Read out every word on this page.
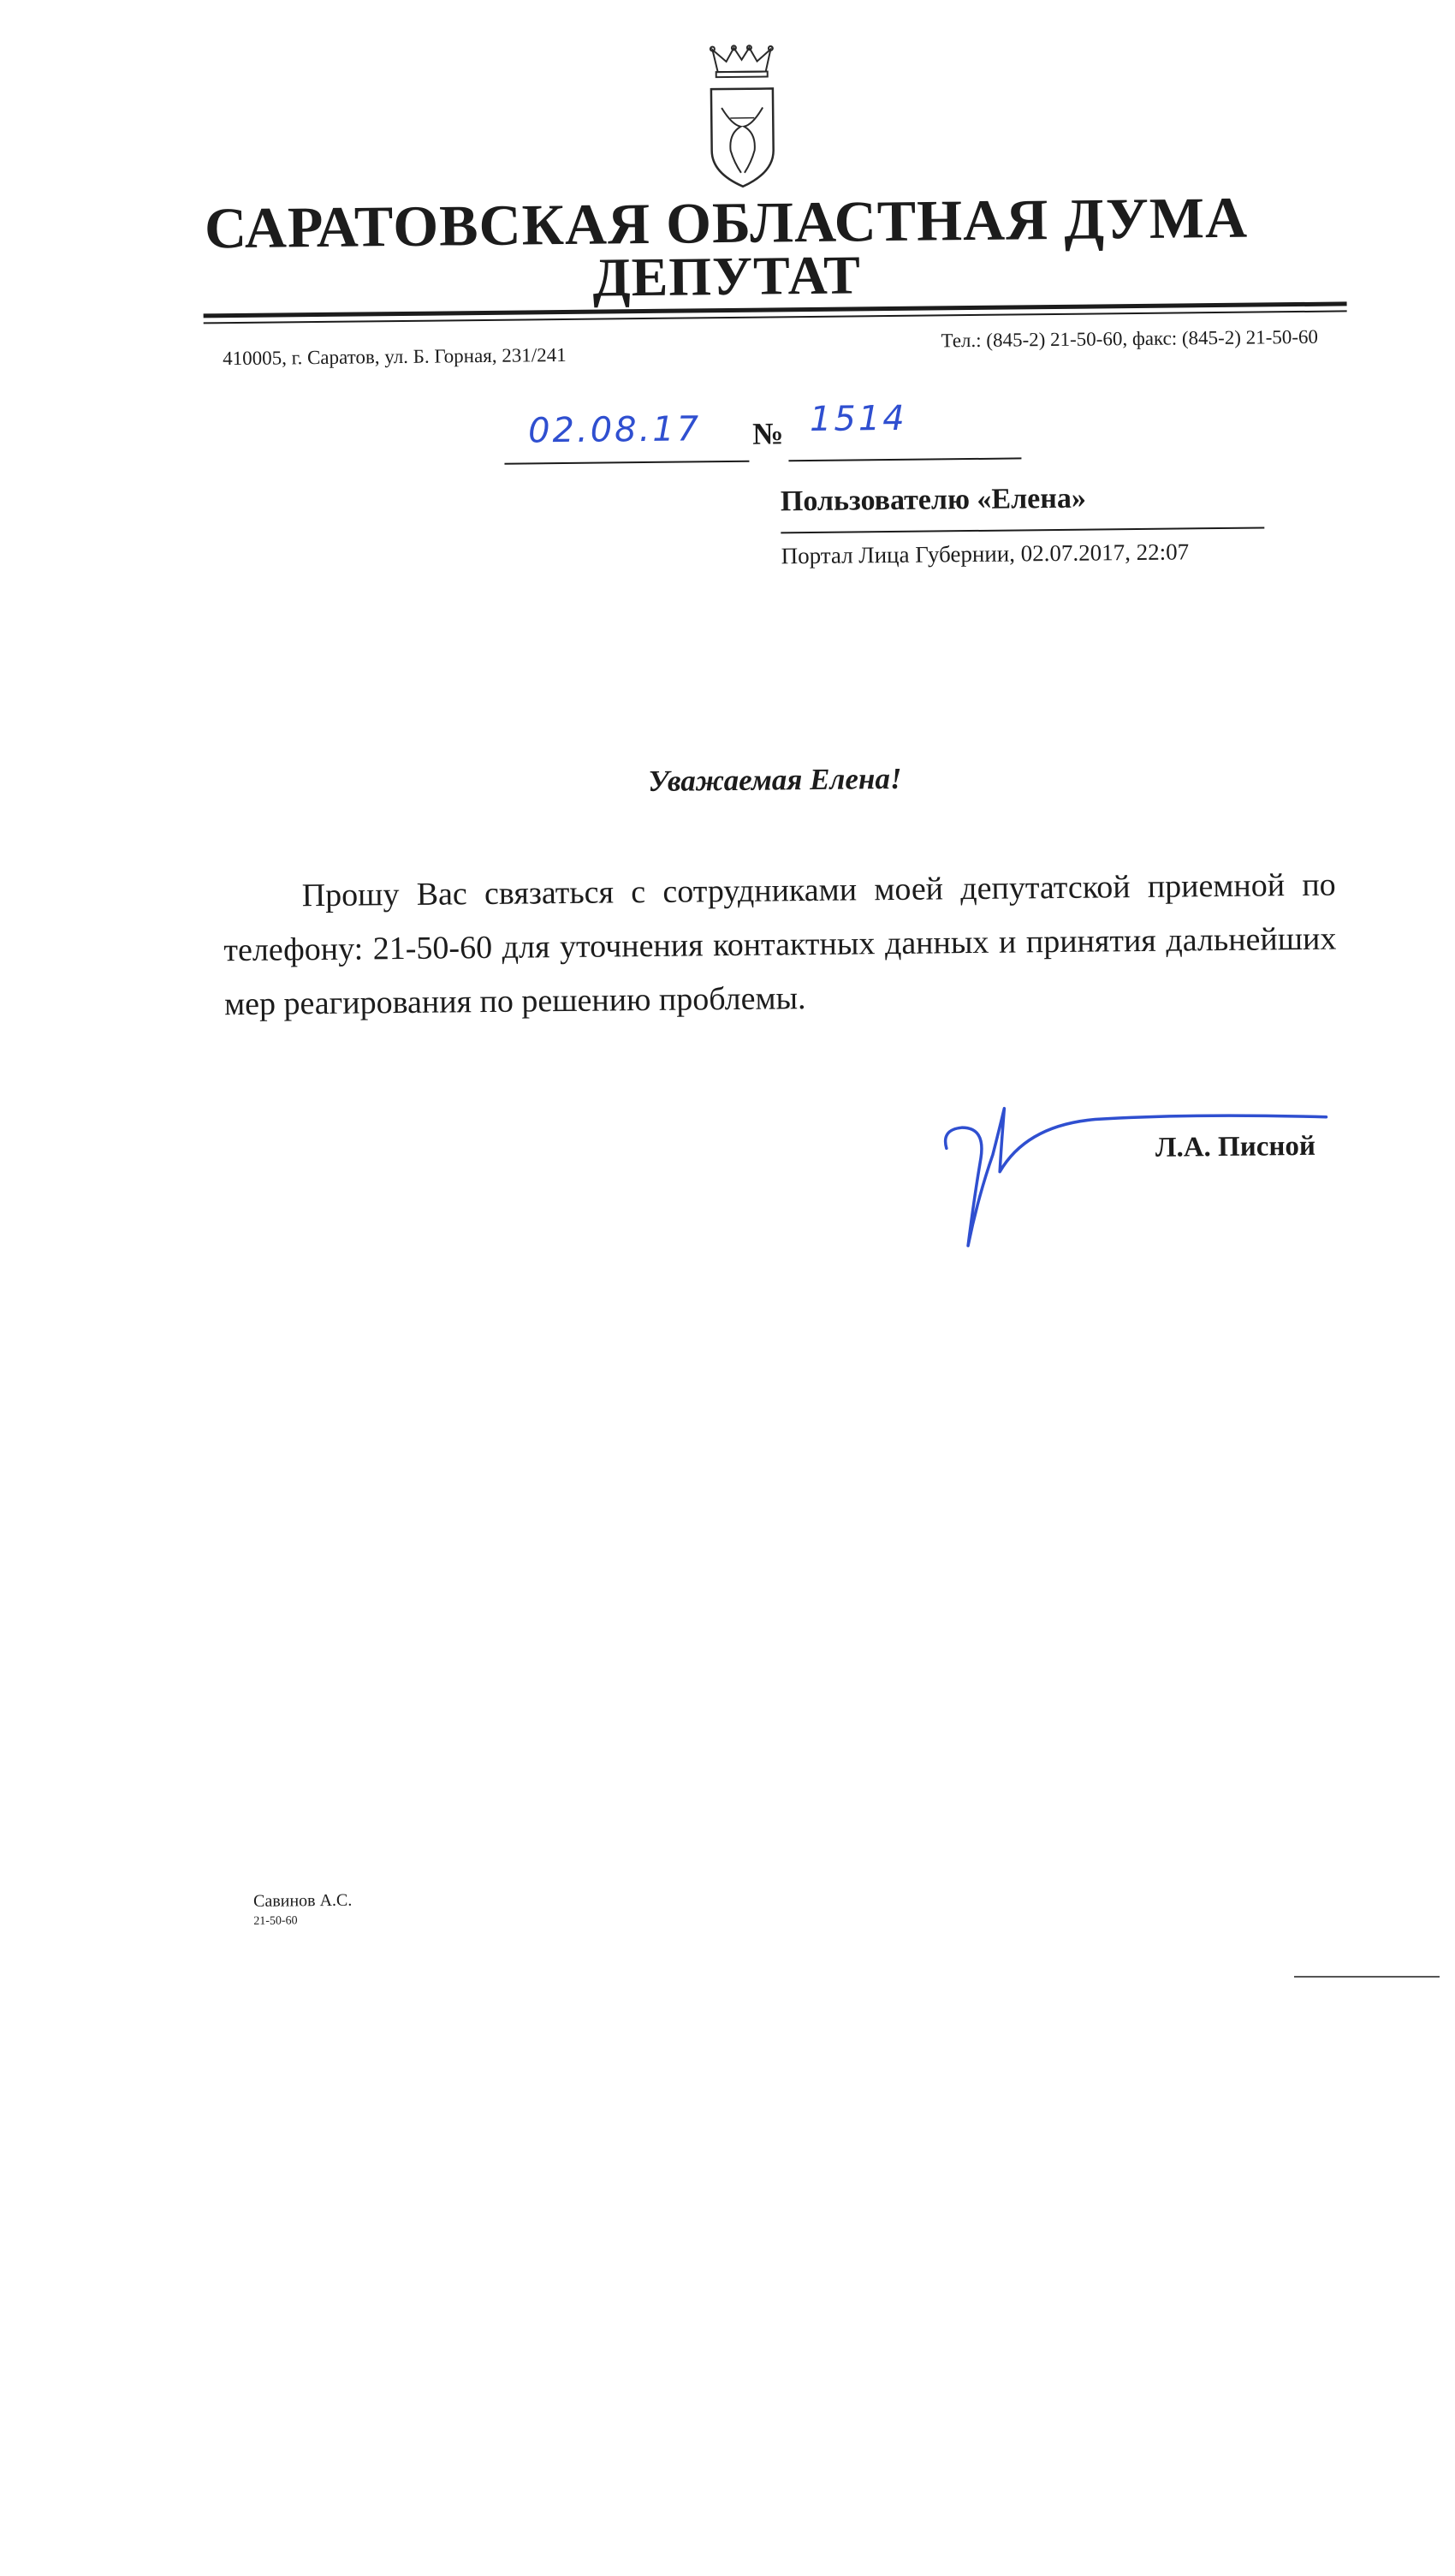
САРАТОВСКАЯ ОБЛАСТНАЯ ДУМА
ДЕПУТАТ
410005, г. Саратов, ул. Б. Горная, 231/241
Тел.: (845-2) 21-50-60, факс: (845-2) 21-50-60
02.08.17 № 1514
Пользователю «Елена»
Портал Лица Губернии, 02.07.2017, 22:07
Уважаемая Елена!
Прошу Вас связаться с сотрудниками моей депутатской приемной по телефону: 21-50-60 для уточнения контактных данных и принятия дальнейших мер реагирования по решению проблемы.
Л.А. Писной
Савинов А.С.
21-50-60
